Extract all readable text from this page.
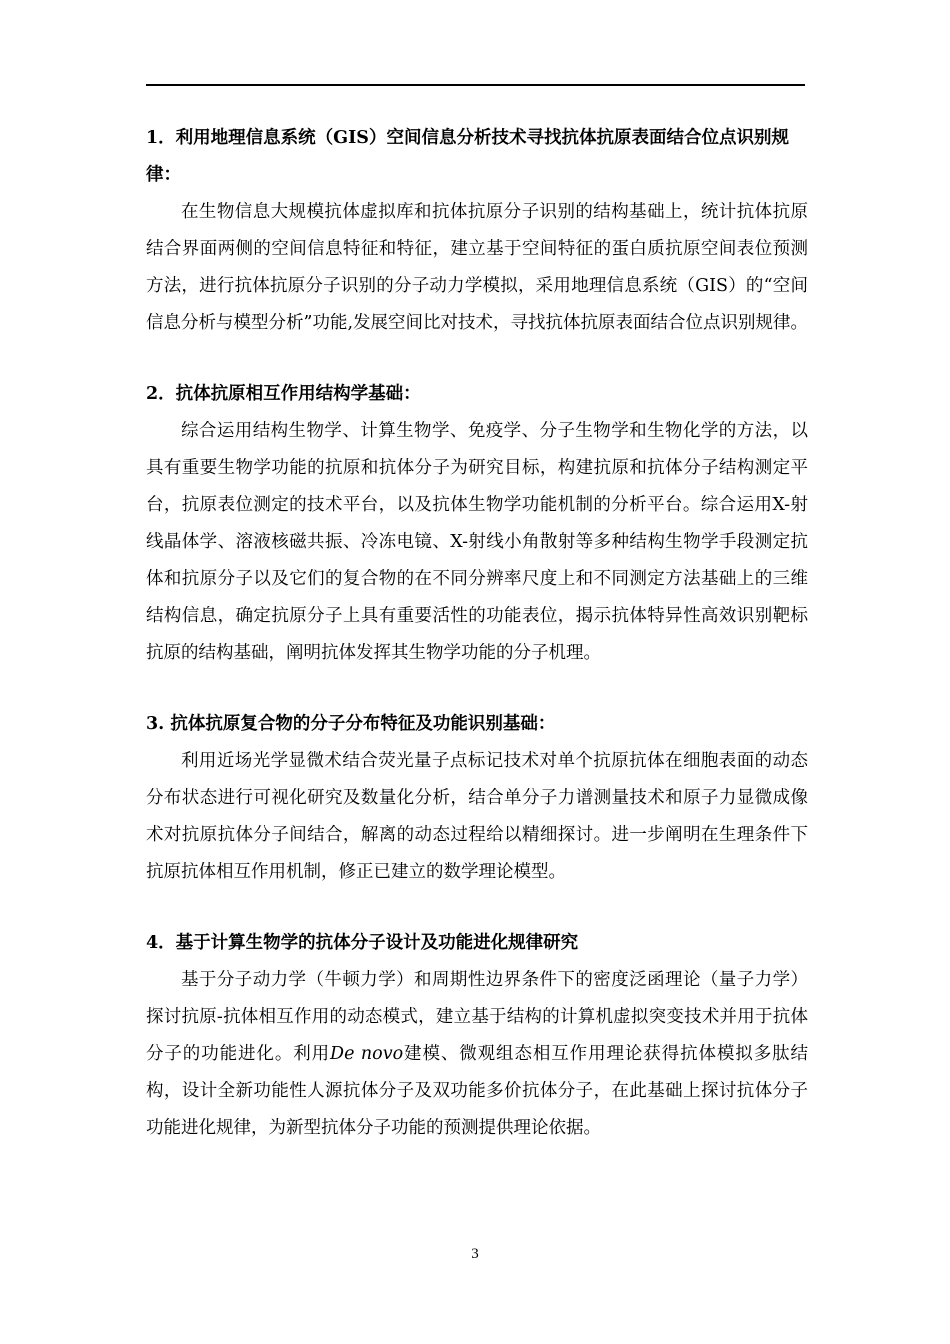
1．利用地理信息系统（GIS）空间信息分析技术寻找抗体抗原表面结合位点识别规律：

在生物信息大规模抗体虚拟库和抗体抗原分子识别的结构基础上，统计抗体抗原结合界面两侧的空间信息特征和特征，建立基于空间特征的蛋白质抗原空间表位预测方法，进行抗体抗原分子识别的分子动力学模拟，采用地理信息系统（GIS）的“空间信息分析与模型分析”功能,发展空间比对技术，寻找抗体抗原表面结合位点识别规律。

2．抗体抗原相互作用结构学基础：

综合运用结构生物学、计算生物学、免疫学、分子生物学和生物化学的方法，以具有重要生物学功能的抗原和抗体分子为研究目标，构建抗原和抗体分子结构测定平台，抗原表位测定的技术平台，以及抗体生物学功能机制的分析平台。综合运用X-射线晶体学、溶液核磁共振、冷冻电镜、X-射线小角散射等多种结构生物学手段测定抗体和抗原分子以及它们的复合物的在不同分辨率尺度上和不同测定方法基础上的三维结构信息，确定抗原分子上具有重要活性的功能表位，揭示抗体特异性高效识别靶标抗原的结构基础，阐明抗体发挥其生物学功能的分子机理。

3. 抗体抗原复合物的分子分布特征及功能识别基础：

利用近场光学显微术结合荧光量子点标记技术对单个抗原抗体在细胞表面的动态分布状态进行可视化研究及数量化分析，结合单分子力谱测量技术和原子力显微成像术对抗原抗体分子间结合，解离的动态过程给以精细探讨。进一步阐明在生理条件下抗原抗体相互作用机制，修正已建立的数学理论模型。

4．基于计算生物学的抗体分子设计及功能进化规律研究

基于分子动力学（牛顿力学）和周期性边界条件下的密度泛函理论（量子力学）探讨抗原-抗体相互作用的动态模式，建立基于结构的计算机虚拟突变技术并用于抗体分子的功能进化。利用De novo建模、微观组态相互作用理论获得抗体模拟多肽结构，设计全新功能性人源抗体分子及双功能多价抗体分子，在此基础上探讨抗体分子功能进化规律，为新型抗体分子功能的预测提供理论依据。

3
